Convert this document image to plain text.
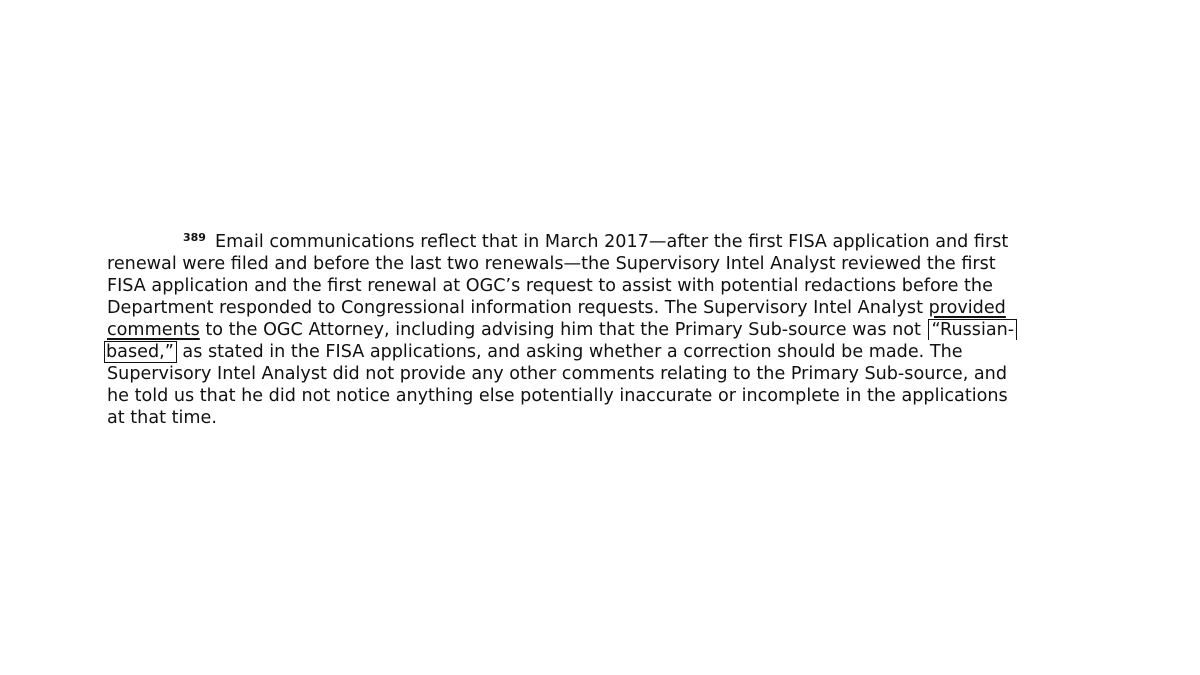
$^{389}$ Email communications reflect that in March 2017—after the first FISA application and first
renewal were filed and before the last two renewals—the Supervisory Intel Analyst reviewed the first
FISA application and the first renewal at OGC’s request to assist with potential redactions before the
Department responded to Congressional information requests. The Supervisory Intel Analyst provided
comments to the OGC Attorney, including advising him that the Primary Sub-source was not “Russian-
based,” as stated in the FISA applications, and asking whether a correction should be made. The
Supervisory Intel Analyst did not provide any other comments relating to the Primary Sub-source, and
he told us that he did not notice anything else potentially inaccurate or incomplete in the applications
at that time.
